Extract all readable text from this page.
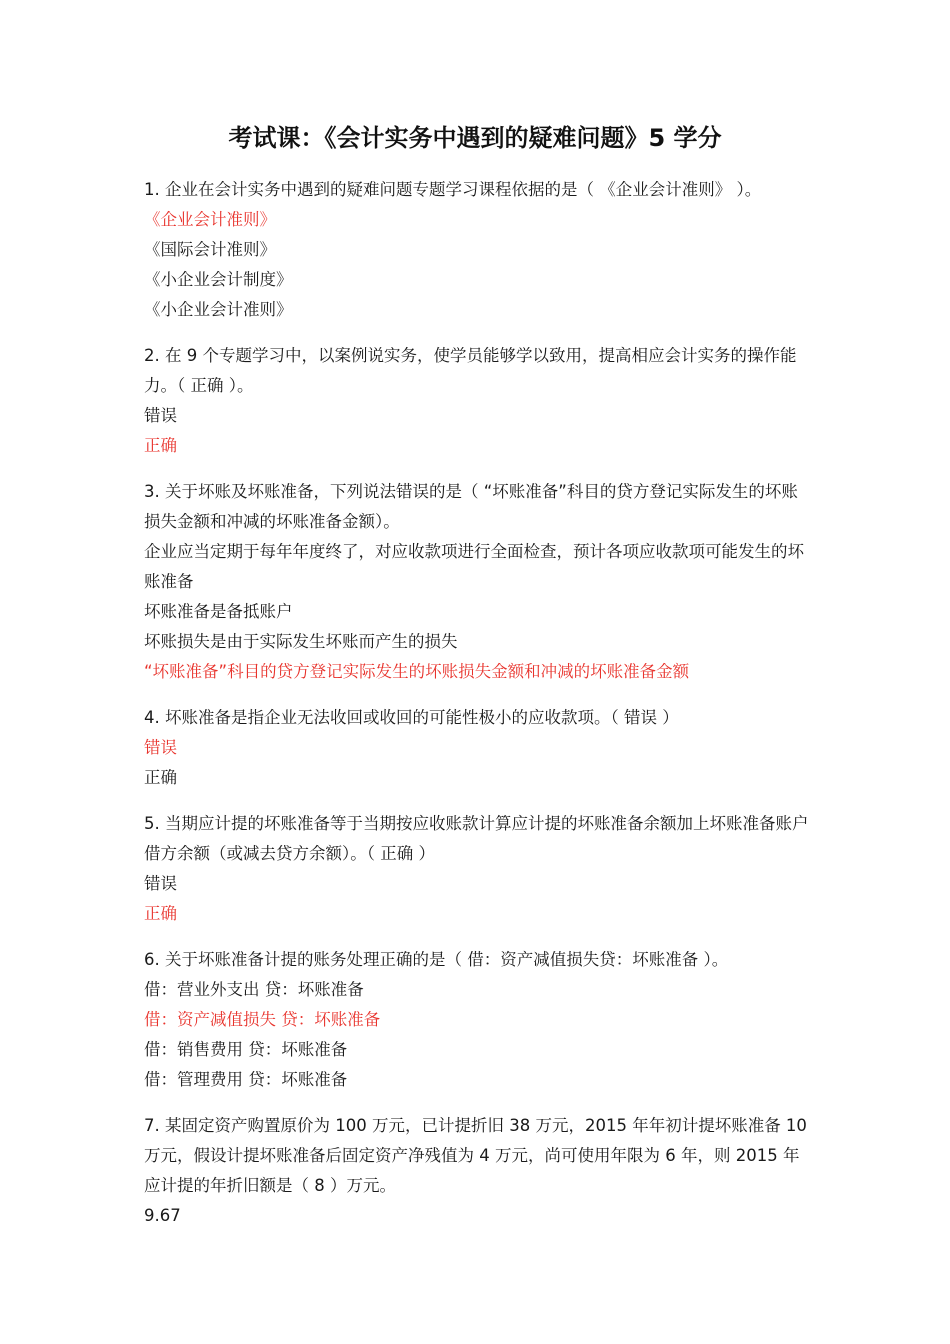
考试课：《会计实务中遇到的疑难问题》5 学分

1. 企业在会计实务中遇到的疑难问题专题学习课程依据的是（ 《企业会计准则》 ）。

《企业会计准则》

《国际会计准则》

《小企业会计制度》

《小企业会计准则》

2. 在 9 个专题学习中，以案例说实务，使学员能够学以致用，提高相应会计实务的操作能力。（ 正确 ）。

错误

正确

3. 关于坏账及坏账准备，下列说法错误的是（ “坏账准备”科目的贷方登记实际发生的坏账损失金额和冲减的坏账准备金额）。

企业应当定期于每年年度终了，对应收款项进行全面检查，预计各项应收款项可能发生的坏账准备

坏账准备是备抵账户

坏账损失是由于实际发生坏账而产生的损失

“坏账准备”科目的贷方登记实际发生的坏账损失金额和冲减的坏账准备金额

4. 坏账准备是指企业无法收回或收回的可能性极小的应收款项。（ 错误 ）

错误

正确

5. 当期应计提的坏账准备等于当期按应收账款计算应计提的坏账准备余额加上坏账准备账户借方余额（或减去贷方余额）。（ 正确 ）

错误

正确

6. 关于坏账准备计提的账务处理正确的是（ 借：资产减值损失贷：坏账准备 ）。

借：营业外支出 贷：坏账准备

借：资产减值损失 贷：坏账准备

借：销售费用 贷：坏账准备

借：管理费用 贷：坏账准备

7. 某固定资产购置原价为 100 万元，已计提折旧 38 万元，2015 年年初计提坏账准备 10 万元，假设计提坏账准备后固定资产净残值为 4 万元，尚可使用年限为 6 年，则 2015 年应计提的年折旧额是（ 8 ）万元。

9.67
